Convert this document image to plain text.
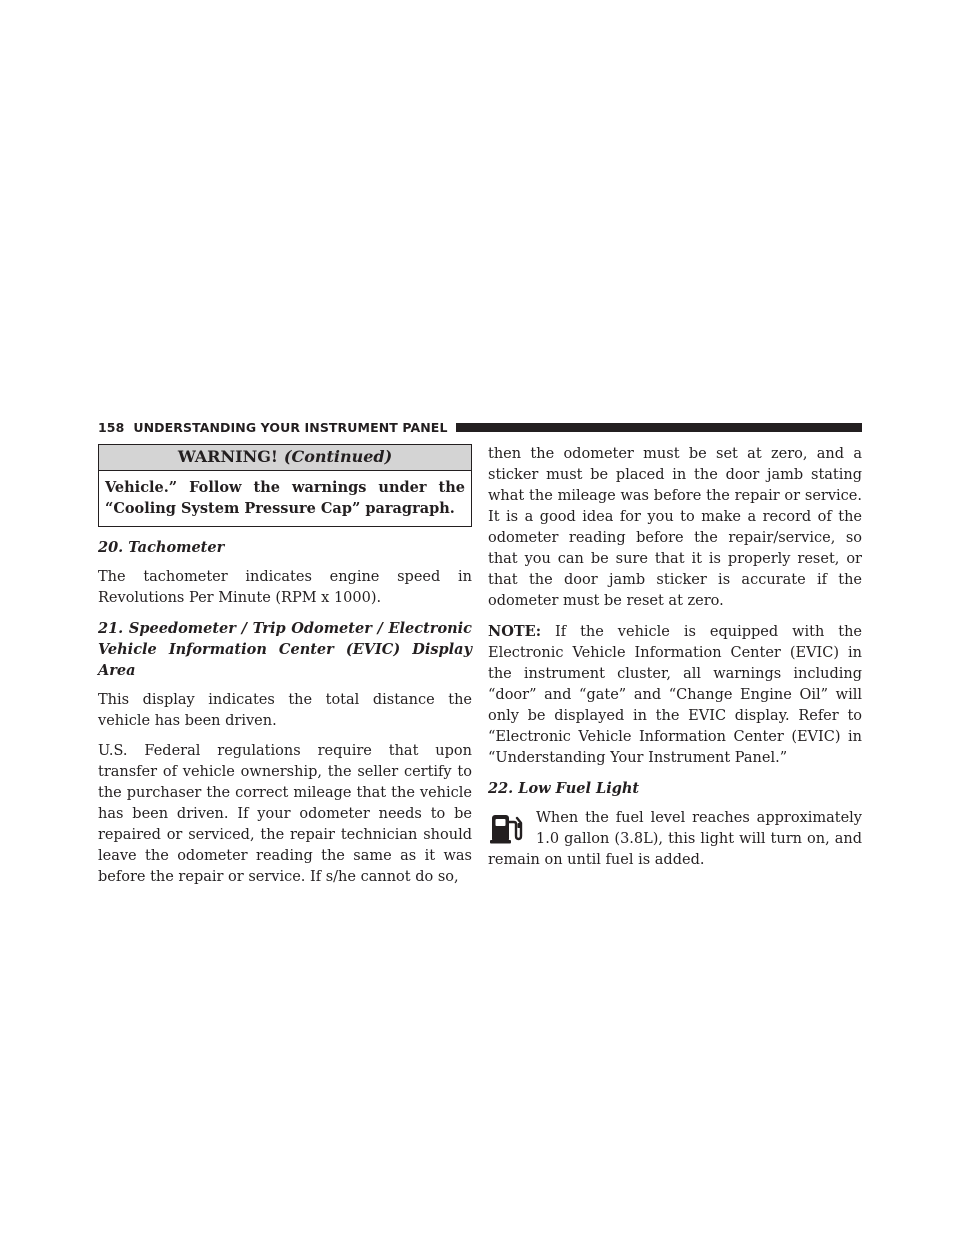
158 UNDERSTANDING YOUR INSTRUMENT PANEL
WARNING! (Continued)
Vehicle.” Follow the warnings under the “Cooling System Pressure Cap” paragraph.

20. Tachometer

The tachometer indicates engine speed in Revolutions Per Minute (RPM x 1000).

21. Speedometer / Trip Odometer / Electronic Vehicle Information Center (EVIC) Display Area

This display indicates the total distance the vehicle has been driven.

U.S. Federal regulations require that upon transfer of vehicle ownership, the seller certify to the purchaser the correct mileage that the vehicle has been driven. If your odometer needs to be repaired or serviced, the repair technician should leave the odometer reading the same as it was before the repair or service. If s/he cannot do so,

then the odometer must be set at zero, and a sticker must be placed in the door jamb stating what the mileage was before the repair or service. It is a good idea for you to make a record of the odometer reading before the repair/service, so that you can be sure that it is properly reset, or that the door jamb sticker is accurate if the odometer must be reset at zero.

NOTE: If the vehicle is equipped with the Electronic Vehicle Information Center (EVIC) in the instrument cluster, all warnings including “door” and “gate” and “Change Engine Oil” will only be displayed in the EVIC display. Refer to “Electronic Vehicle Information Center (EVIC) in “Understanding Your Instrument Panel.”

22. Low Fuel Light

When the fuel level reaches approximately 1.0 gallon (3.8L), this light will turn on, and remain on until fuel is added.
